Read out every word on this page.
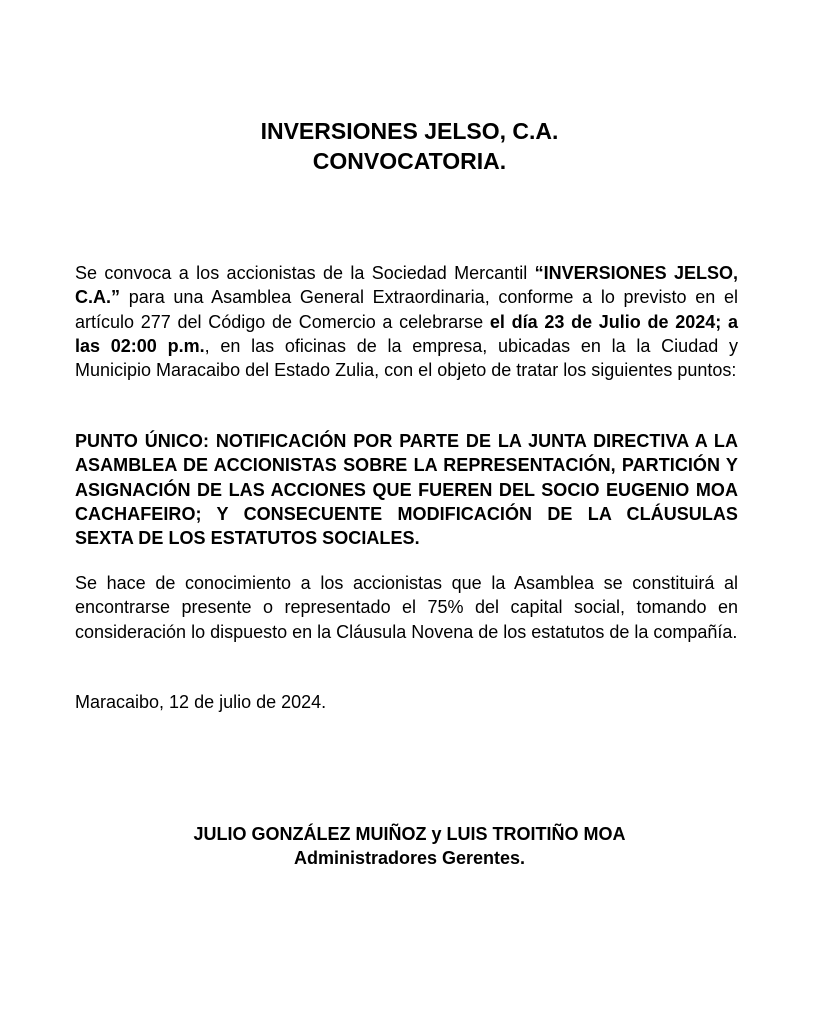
INVERSIONES JELSO, C.A.

CONVOCATORIA.

Se convoca a los accionistas de la Sociedad Mercantil “INVERSIONES JELSO, C.A.” para una Asamblea General Extraordinaria, conforme a lo previsto en el artículo 277 del Código de Comercio a celebrarse el día 23 de Julio de 2024; a las 02:00 p.m., en las oficinas de la empresa, ubicadas en la la Ciudad y Municipio Maracaibo del Estado Zulia, con el objeto de tratar los siguientes puntos:

PUNTO ÚNICO: NOTIFICACIÓN POR PARTE DE LA JUNTA DIRECTIVA A LA ASAMBLEA DE ACCIONISTAS SOBRE LA REPRESENTACIÓN, PARTICIÓN Y ASIGNACIÓN DE LAS ACCIONES QUE FUEREN DEL SOCIO EUGENIO MOA CACHAFEIRO; Y CONSECUENTE MODIFICACIÓN DE LA CLÁUSULAS SEXTA DE LOS ESTATUTOS SOCIALES.

Se hace de conocimiento a los accionistas que la Asamblea se constituirá al encontrarse presente o representado el 75% del capital social, tomando en consideración lo dispuesto en la Cláusula Novena de los estatutos de la compañía.

Maracaibo, 12 de julio de 2024.

JULIO GONZÁLEZ MUIÑOZ y LUIS TROITIÑO MOA

Administradores Gerentes.
